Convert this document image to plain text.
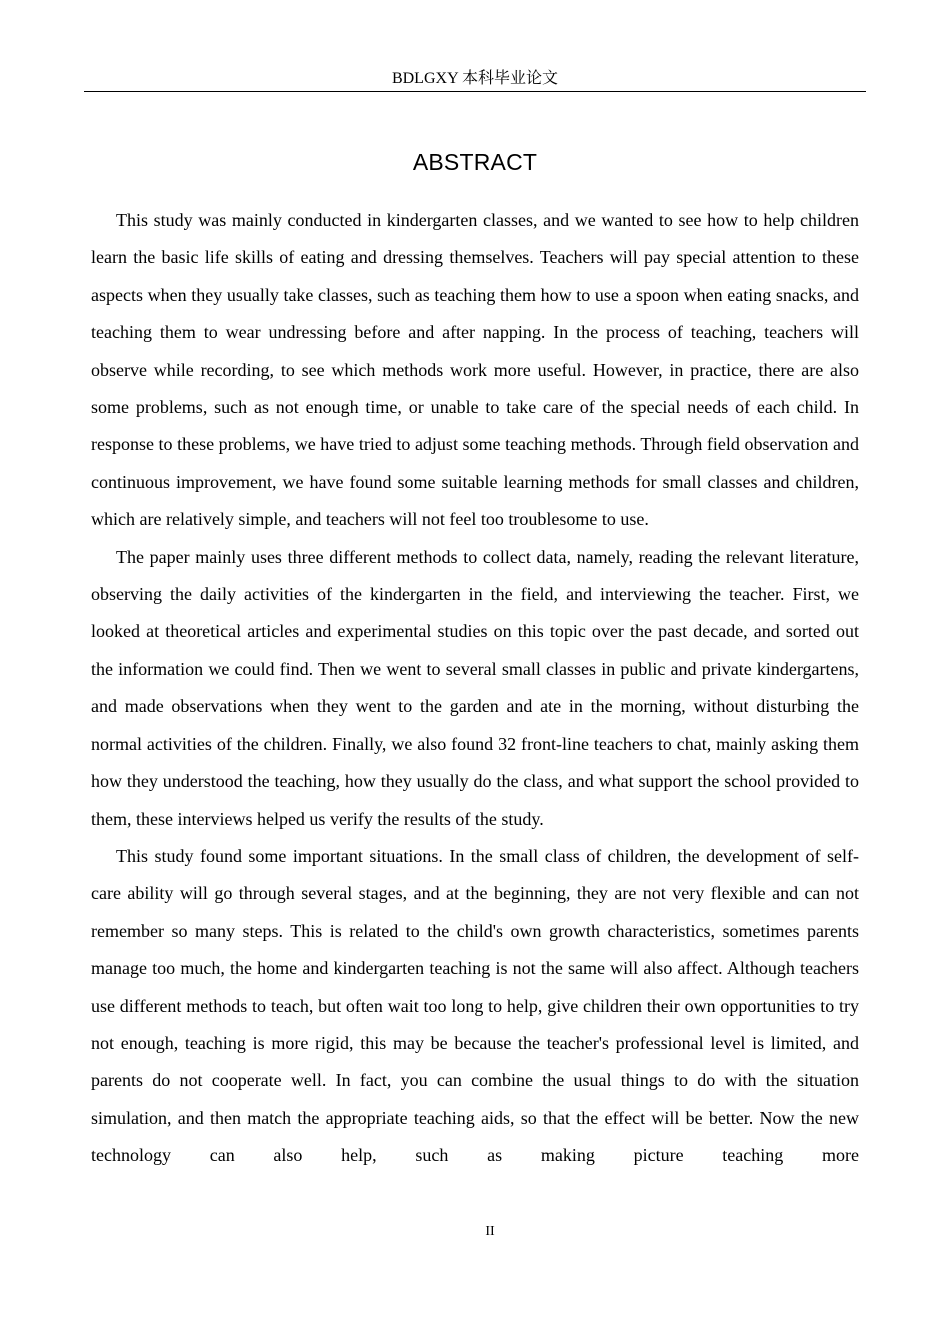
BDLGXY 本科毕业论文
ABSTRACT

This study was mainly conducted in kindergarten classes, and we wanted to see how to help children learn the basic life skills of eating and dressing themselves. Teachers will pay special attention to these aspects when they usually take classes, such as teaching them how to use a spoon when eating snacks, and teaching them to wear undressing before and after napping. In the process of teaching, teachers will observe while recording, to see which methods work more useful. However, in practice, there are also some problems, such as not enough time, or unable to take care of the special needs of each child. In response to these problems, we have tried to adjust some teaching methods. Through field observation and continuous improvement, we have found some suitable learning methods for small classes and children, which are relatively simple, and teachers will not feel too troublesome to use.

The paper mainly uses three different methods to collect data, namely, reading the relevant literature, observing the daily activities of the kindergarten in the field, and interviewing the teacher. First, we looked at theoretical articles and experimental studies on this topic over the past decade, and sorted out the information we could find. Then we went to several small classes in public and private kindergartens, and made observations when they went to the garden and ate in the morning, without disturbing the normal activities of the children. Finally, we also found 32 front-line teachers to chat, mainly asking them how they understood the teaching, how they usually do the class, and what support the school provided to them, these interviews helped us verify the results of the study.

This study found some important situations. In the small class of children, the development of self-care ability will go through several stages, and at the beginning, they are not very flexible and can not remember so many steps. This is related to the child's own growth characteristics, sometimes parents manage too much, the home and kindergarten teaching is not the same will also affect. Although teachers use different methods to teach, but often wait too long to help, give children their own opportunities to try not enough, teaching is more rigid, this may be because the teacher's professional level is limited, and parents do not cooperate well. In fact, you can combine the usual things to do with the situation simulation, and then match the appropriate teaching aids, so that the effect will be better. Now the new technology can also help, such as making picture teaching more

II
